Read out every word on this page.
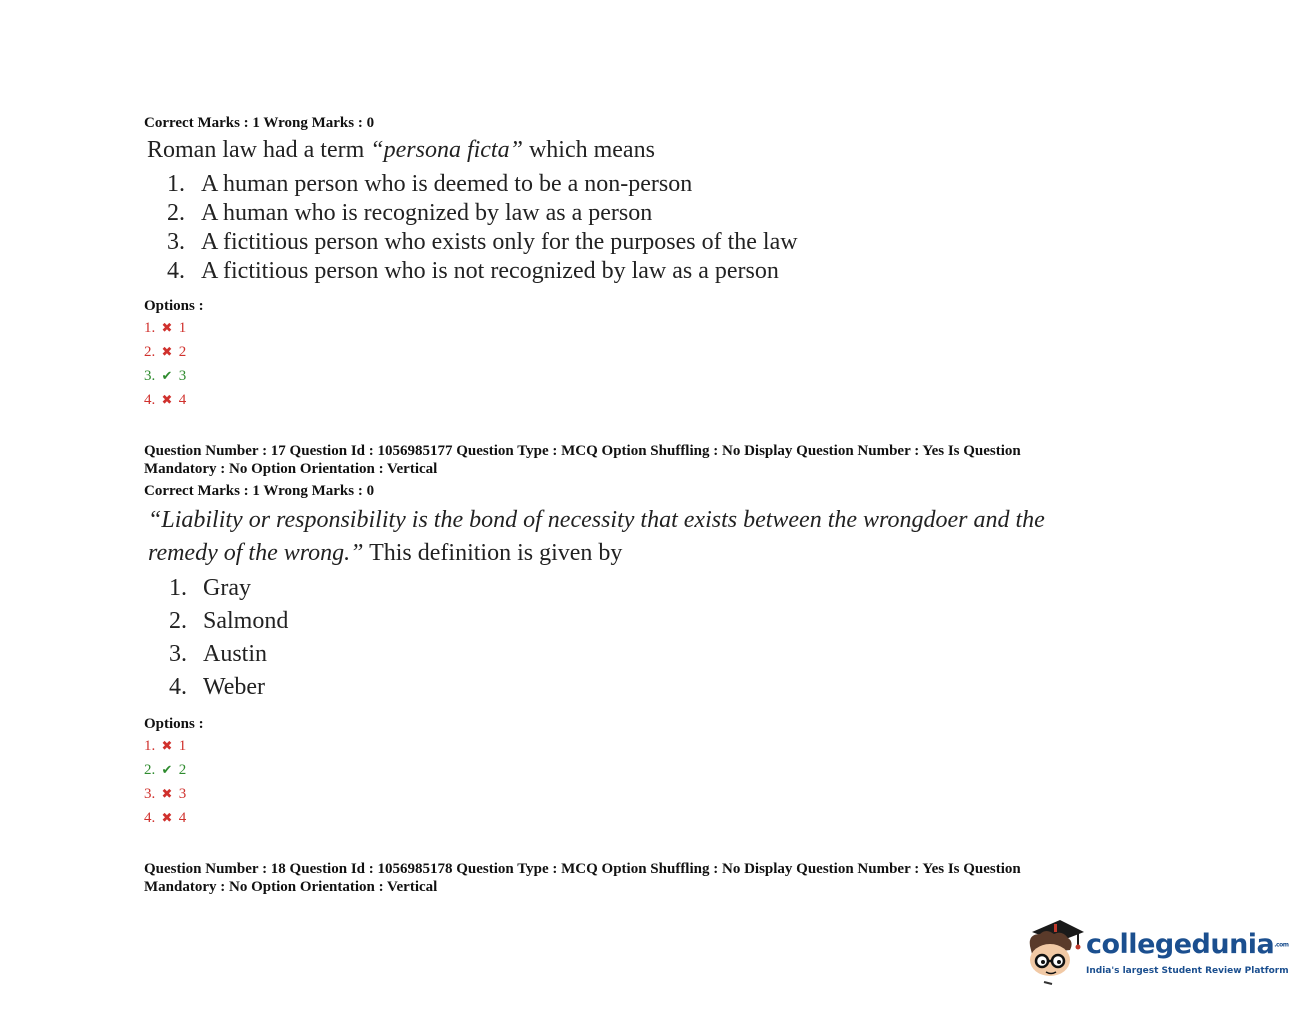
Correct Marks : 1 Wrong Marks : 0
Roman law had a term “persona ficta” which means
1. A human person who is deemed to be a non-person
2. A human who is recognized by law as a person
3. A fictitious person who exists only for the purposes of the law
4. A fictitious person who is not recognized by law as a person
Options :
1. ✖ 1
2. ✖ 2
3. ✔ 3
4. ✖ 4
Question Number : 17 Question Id : 1056985177 Question Type : MCQ Option Shuffling : No Display Question Number : Yes Is Question
Mandatory : No Option Orientation : Vertical
Correct Marks : 1 Wrong Marks : 0
“Liability or responsibility is the bond of necessity that exists between the wrongdoer and the
remedy of the wrong.” This definition is given by
1. Gray
2. Salmond
3. Austin
4. Weber
Options :
1. ✖ 1
2. ✔ 2
3. ✖ 3
4. ✖ 4
Question Number : 18 Question Id : 1056985178 Question Type : MCQ Option Shuffling : No Display Question Number : Yes Is Question
Mandatory : No Option Orientation : Vertical
collegedunia.com
India's largest Student Review Platform
